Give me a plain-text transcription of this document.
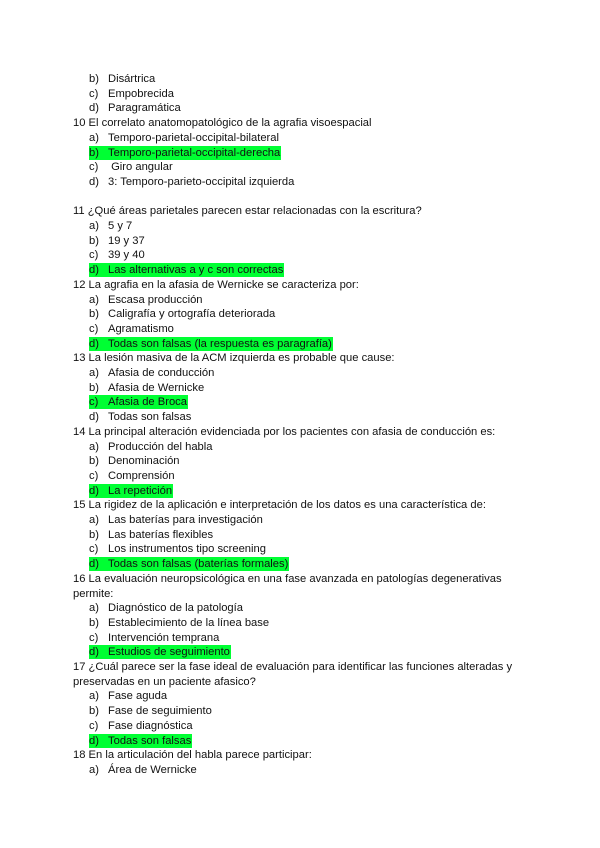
b) Disártrica
c) Empobrecida
d) Paragramática
10 El correlato anatomopatológico de la agrafia visoespacial
a) Temporo-parietal-occipital-bilateral
b) Temporo-parietal-occipital-derecha
c) Giro angular
d) 3: Temporo-parieto-occipital izquierda
11 ¿Qué áreas parietales parecen estar relacionadas con la escritura?
a) 5 y 7
b) 19 y 37
c) 39 y 40
d) Las alternativas a y c son correctas
12 La agrafia en la afasia de Wernicke se caracteriza por:
a) Escasa producción
b) Caligrafía y ortografía deteriorada
c) Agramatismo
d) Todas son falsas (la respuesta es paragrafía)
13 La lesión masiva de la ACM izquierda es probable que cause:
a) Afasia de conducción
b) Afasia de Wernicke
c) Afasia de Broca
d) Todas son falsas
14 La principal alteración evidenciada por los pacientes con afasia de conducción es:
a) Producción del habla
b) Denominación
c) Comprensión
d) La repetición
15 La rigidez de la aplicación e interpretación de los datos es una característica de:
a) Las baterías para investigación
b) Las baterías flexibles
c) Los instrumentos tipo screening
d) Todas son falsas (baterías formales)
16 La evaluación neuropsicológica en una fase avanzada en patologías degenerativas
permite:
a) Diagnóstico de la patología
b) Establecimiento de la línea base
c) Intervención temprana
d) Estudios de seguimiento
17 ¿Cuál parece ser la fase ideal de evaluación para identificar las funciones alteradas y
preservadas en un paciente afasico?
a) Fase aguda
b) Fase de seguimiento
c) Fase diagnóstica
d) Todas son falsas
18 En la articulación del habla parece participar:
a) Área de Wernicke
